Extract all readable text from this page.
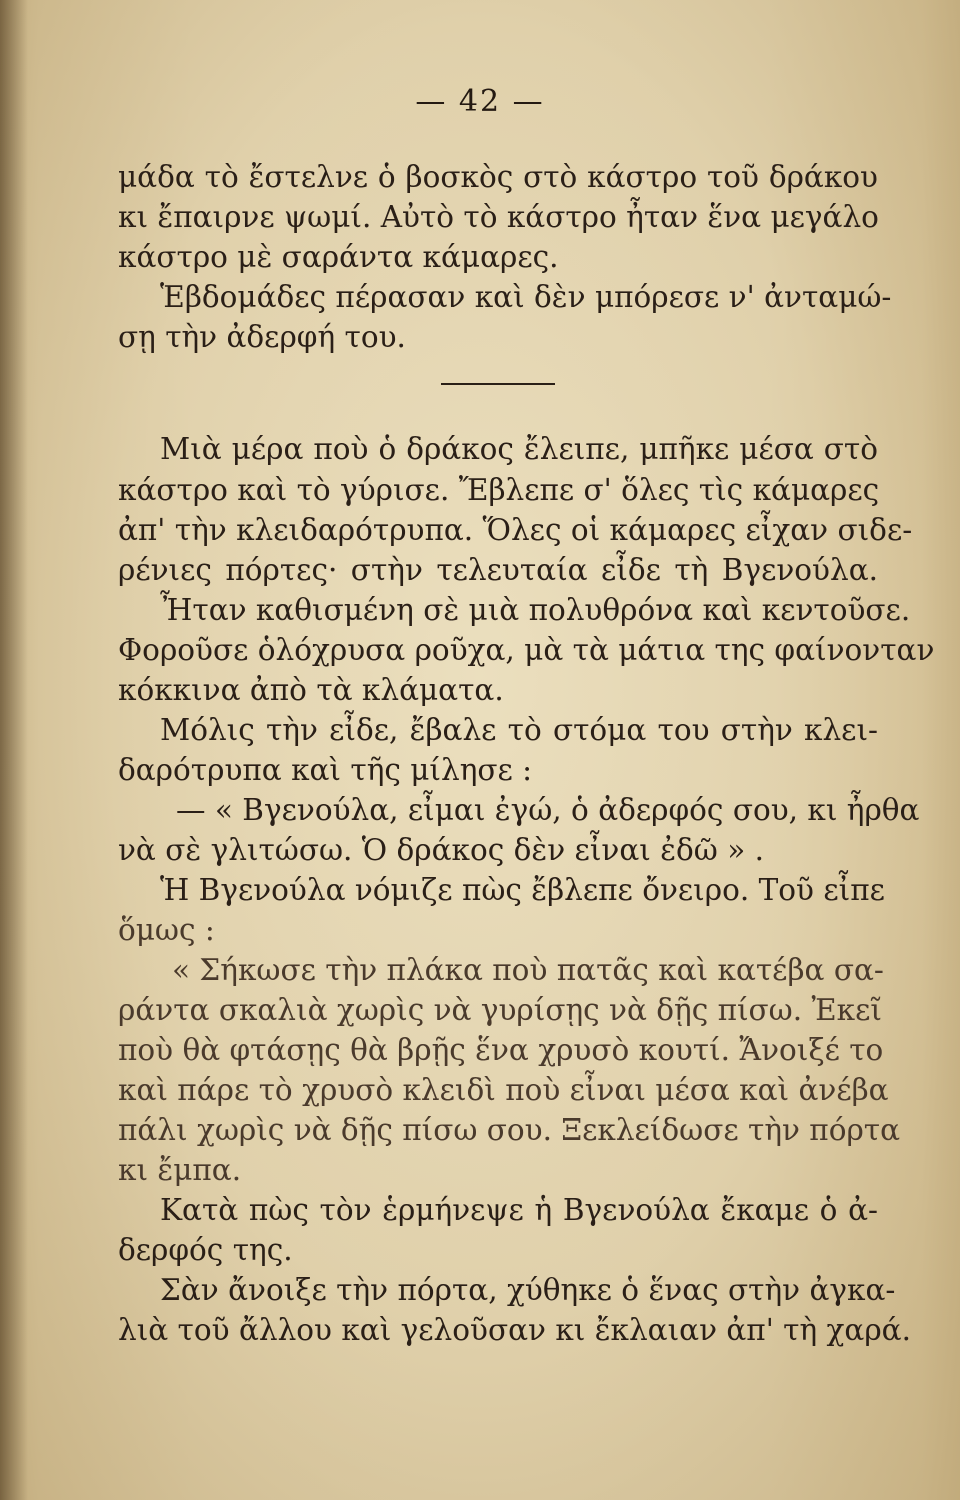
— 42 —
μάδα τὸ ἔστελνε ὁ βοσκὸς στὸ κάστρο τοῦ δράκου
κι ἔπαιρνε ψωμί. Αὐτὸ τὸ κάστρο ἦταν ἕνα μεγάλο
κάστρο μὲ σαράντα κάμαρες.
Ἑβδομάδες πέρασαν καὶ δὲν μπόρεσε ν' ἀνταμώ-
σῃ τὴν ἀδερφή του.
Μιὰ μέρα ποὺ ὁ δράκος ἔλειπε, μπῆκε μέσα στὸ
κάστρο καὶ τὸ γύρισε. Ἔβλεπε σ' ὅλες τὶς κάμαρες
ἀπ' τὴν κλειδαρότρυπα. Ὅλες οἱ κάμαρες εἶχαν σιδε-
ρένιες πόρτες· στὴν τελευταία εἶδε τὴ Βγενούλα.
Ἦταν καθισμένη σὲ μιὰ πολυθρόνα καὶ κεντοῦσε.
Φοροῦσε ὁλόχρυσα ροῦχα, μὰ τὰ μάτια της φαίνονταν
κόκκινα ἀπὸ τὰ κλάματα.
Μόλις τὴν εἶδε, ἔβαλε τὸ στόμα του στὴν κλει-
δαρότρυπα καὶ τῆς μίλησε :
— « Βγενούλα, εἶμαι ἐγώ, ὁ ἀδερφός σου, κι ἦρθα
νὰ σὲ γλιτώσω. Ὁ δράκος δὲν εἶναι ἐδῶ » .
Ἡ Βγενούλα νόμιζε πὼς ἔβλεπε ὄνειρο. Τοῦ εἶπε
ὅμως :
« Σήκωσε τὴν πλάκα ποὺ πατᾶς καὶ κατέβα σα-
ράντα σκαλιὰ χωρὶς νὰ γυρίσῃς νὰ δῇς πίσω. Ἐκεῖ
ποὺ θὰ φτάσῃς θὰ βρῇς ἕνα χρυσὸ κουτί. Ἄνοιξέ το
καὶ πάρε τὸ χρυσὸ κλειδὶ ποὺ εἶναι μέσα καὶ ἀνέβα
πάλι χωρὶς νὰ δῇς πίσω σου. Ξεκλείδωσε τὴν πόρτα
κι ἔμπα.
Κατὰ πὼς τὸν ἑρμήνεψε ἡ Βγενούλα ἔκαμε ὁ ἀ-
δερφός της.
Σὰν ἄνοιξε τὴν πόρτα, χύθηκε ὁ ἕνας στὴν ἀγκα-
λιὰ τοῦ ἄλλου καὶ γελοῦσαν κι ἔκλαιαν ἀπ' τὴ χαρά.
